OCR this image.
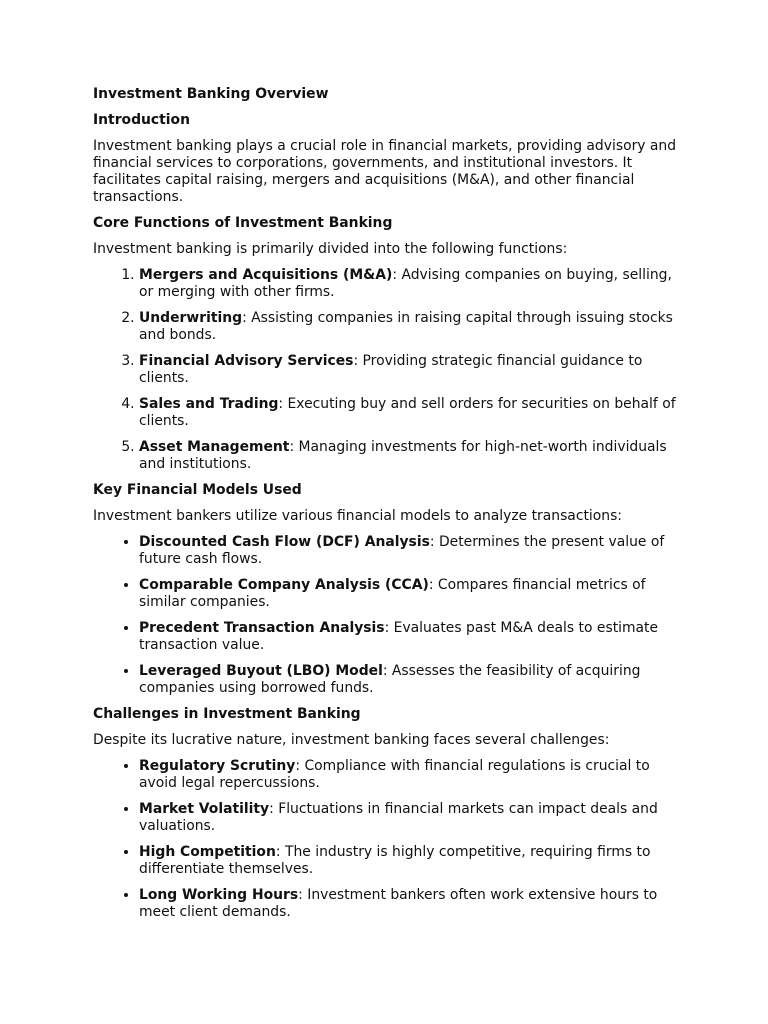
Investment Banking Overview
Introduction
Investment banking plays a crucial role in financial markets, providing advisory and financial services to corporations, governments, and institutional investors. It facilitates capital raising, mergers and acquisitions (M&A), and other financial transactions.
Core Functions of Investment Banking
Investment banking is primarily divided into the following functions:
1. Mergers and Acquisitions (M&A): Advising companies on buying, selling, or merging with other firms.
2. Underwriting: Assisting companies in raising capital through issuing stocks and bonds.
3. Financial Advisory Services: Providing strategic financial guidance to clients.
4. Sales and Trading: Executing buy and sell orders for securities on behalf of clients.
5. Asset Management: Managing investments for high-net-worth individuals and institutions.
Key Financial Models Used
Investment bankers utilize various financial models to analyze transactions:
• Discounted Cash Flow (DCF) Analysis: Determines the present value of future cash flows.
• Comparable Company Analysis (CCA): Compares financial metrics of similar companies.
• Precedent Transaction Analysis: Evaluates past M&A deals to estimate transaction value.
• Leveraged Buyout (LBO) Model: Assesses the feasibility of acquiring companies using borrowed funds.
Challenges in Investment Banking
Despite its lucrative nature, investment banking faces several challenges:
• Regulatory Scrutiny: Compliance with financial regulations is crucial to avoid legal repercussions.
• Market Volatility: Fluctuations in financial markets can impact deals and valuations.
• High Competition: The industry is highly competitive, requiring firms to differentiate themselves.
• Long Working Hours: Investment bankers often work extensive hours to meet client demands.
